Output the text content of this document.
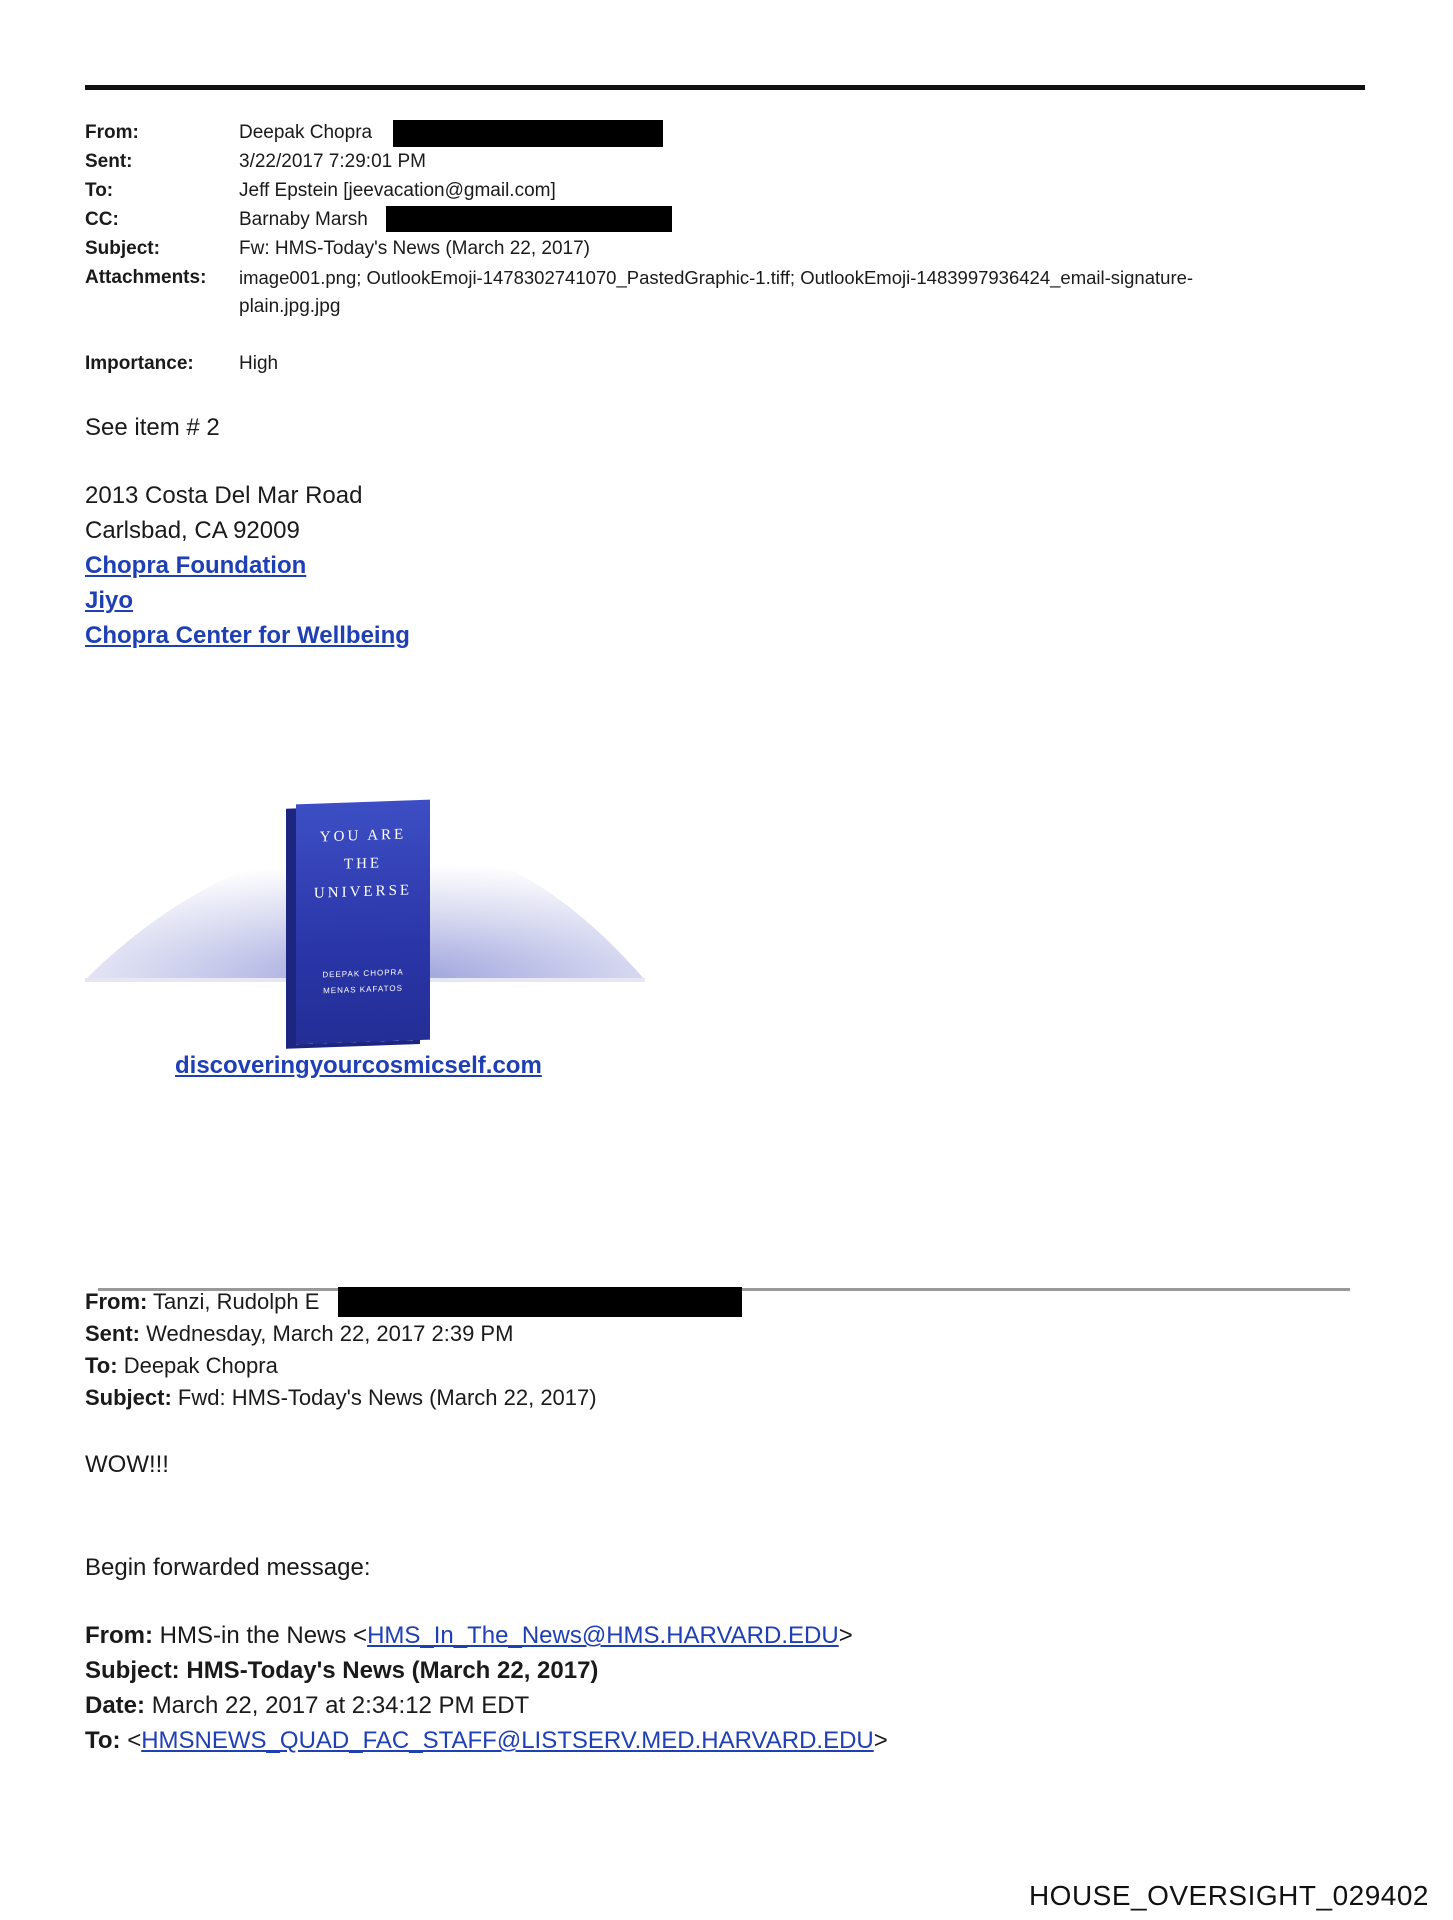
From:	Deepak Chopra
Sent:	3/22/2017 7:29:01 PM
To:	Jeff Epstein [jeevacation@gmail.com]
CC:	Barnaby Marsh
Subject:	Fw: HMS-Today's News (March 22, 2017)
Attachments: image001.png; OutlookEmoji-1478302741070_PastedGraphic-1.tiff; OutlookEmoji-1483997936424_email-signature-
plain.jpg.jpg
Importance: High
See item # 2
2013 Costa Del Mar Road
Carlsbad, CA 92009
Chopra Foundation
Jiyo
Chopra Center for Wellbeing
YOU ARE
THE
UNIVERSE
DEEPAK CHOPRA
MENAS KAFATOS
discoveringyourcosmicself.com
From: Tanzi, Rudolph E
Sent: Wednesday, March 22, 2017 2:39 PM
To: Deepak Chopra
Subject: Fwd: HMS-Today's News (March 22, 2017)
WOW!!!
Begin forwarded message:
From: HMS-in the News <HMS_In_The_News@HMS.HARVARD.EDU>
Subject: HMS-Today's News (March 22, 2017)
Date: March 22, 2017 at 2:34:12 PM EDT
To: <HMSNEWS_QUAD_FAC_STAFF@LISTSERV.MED.HARVARD.EDU>
HOUSE_OVERSIGHT_029402
